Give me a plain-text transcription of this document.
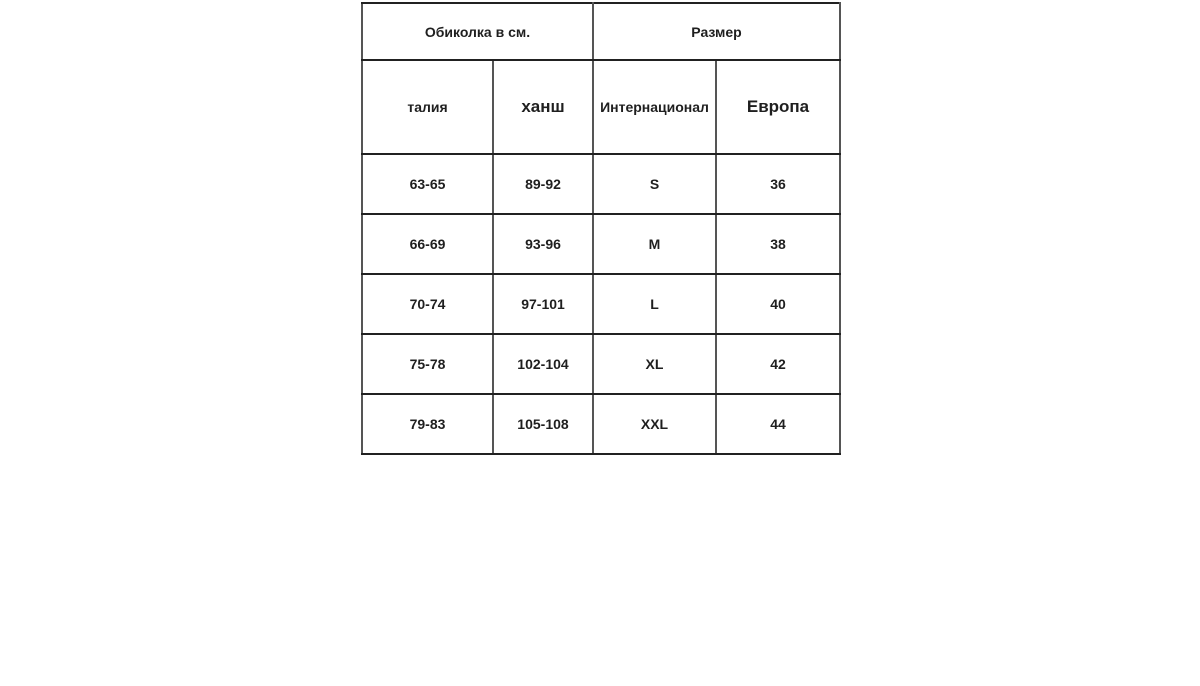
Обиколка в см.		Размер	
талия	ханш	Интернационал	Европа
63-65	89-92	S	36
66-69	93-96	M	38
70-74	97-101	L	40
75-78	102-104	XL	42
79-83	105-108	XXL	44
